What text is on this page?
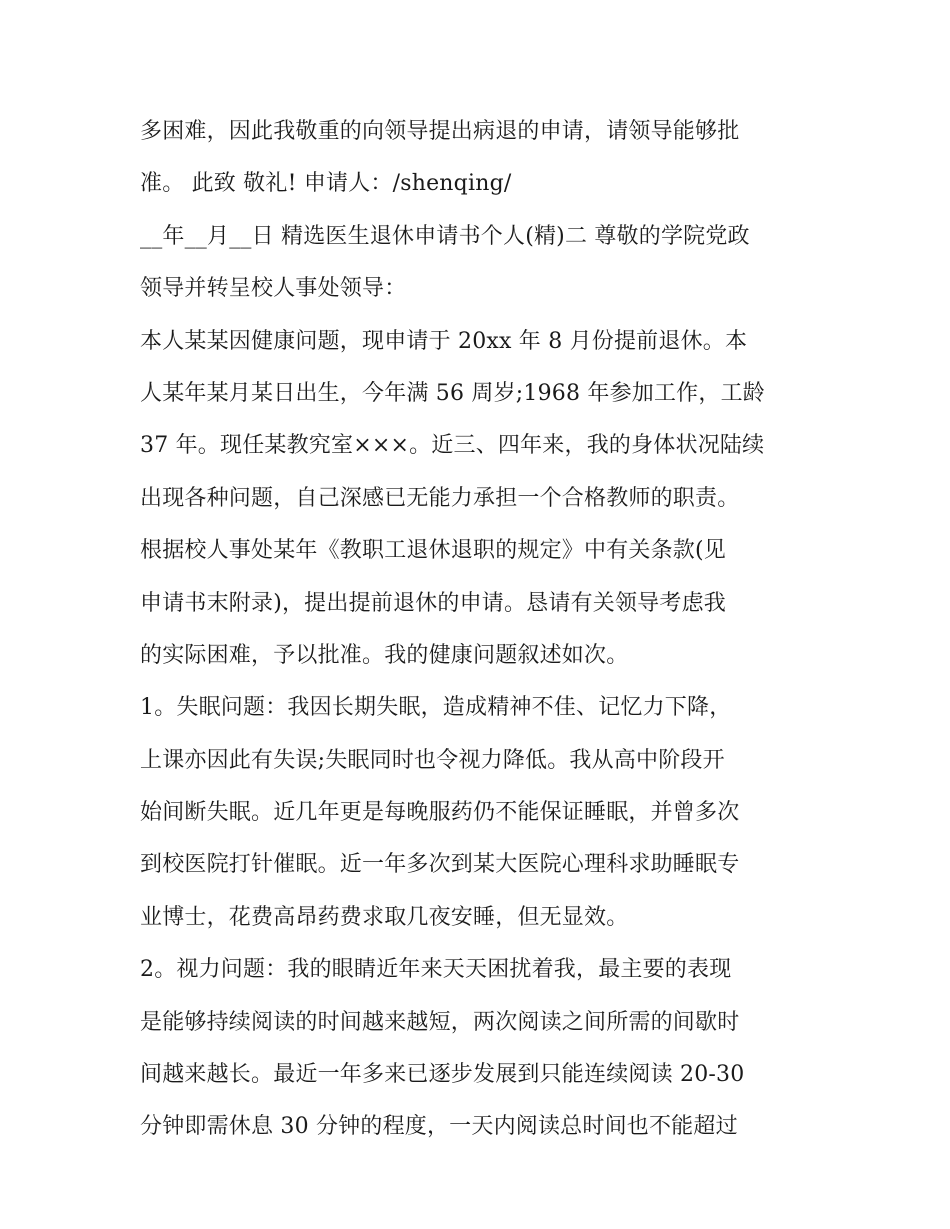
多困难，因此我敬重的向领导提出病退的申请，请领导能够批
准。 此致 敬礼! 申请人：/shenqing/
__年__月__日 精选医生退休申请书个人(精)二 尊敬的学院党政
领导并转呈校人事处领导：
本人某某因健康问题，现申请于 20xx 年 8 月份提前退休。本
人某年某月某日出生，今年满 56 周岁;1968 年参加工作，工龄
37 年。现任某教究室×××。近三、四年来，我的身体状况陆续
出现各种问题，自己深感已无能力承担一个合格教师的职责。
根据校人事处某年《教职工退休退职的规定》中有关条款(见
申请书末附录)，提出提前退休的申请。恳请有关领导考虑我
的实际困难，予以批准。我的健康问题叙述如次。
1。失眠问题：我因长期失眠，造成精神不佳、记忆力下降，
上课亦因此有失误;失眠同时也令视力降低。我从高中阶段开
始间断失眠。近几年更是每晚服药仍不能保证睡眠，并曾多次
到校医院打针催眠。近一年多次到某大医院心理科求助睡眠专
业博士，花费高昂药费求取几夜安睡，但无显效。
2。视力问题：我的眼睛近年来天天困扰着我，最主要的表现
是能够持续阅读的时间越来越短，两次阅读之间所需的间歇时
间越来越长。最近一年多来已逐步发展到只能连续阅读 20-30
分钟即需休息 30 分钟的程度，一天内阅读总时间也不能超过
